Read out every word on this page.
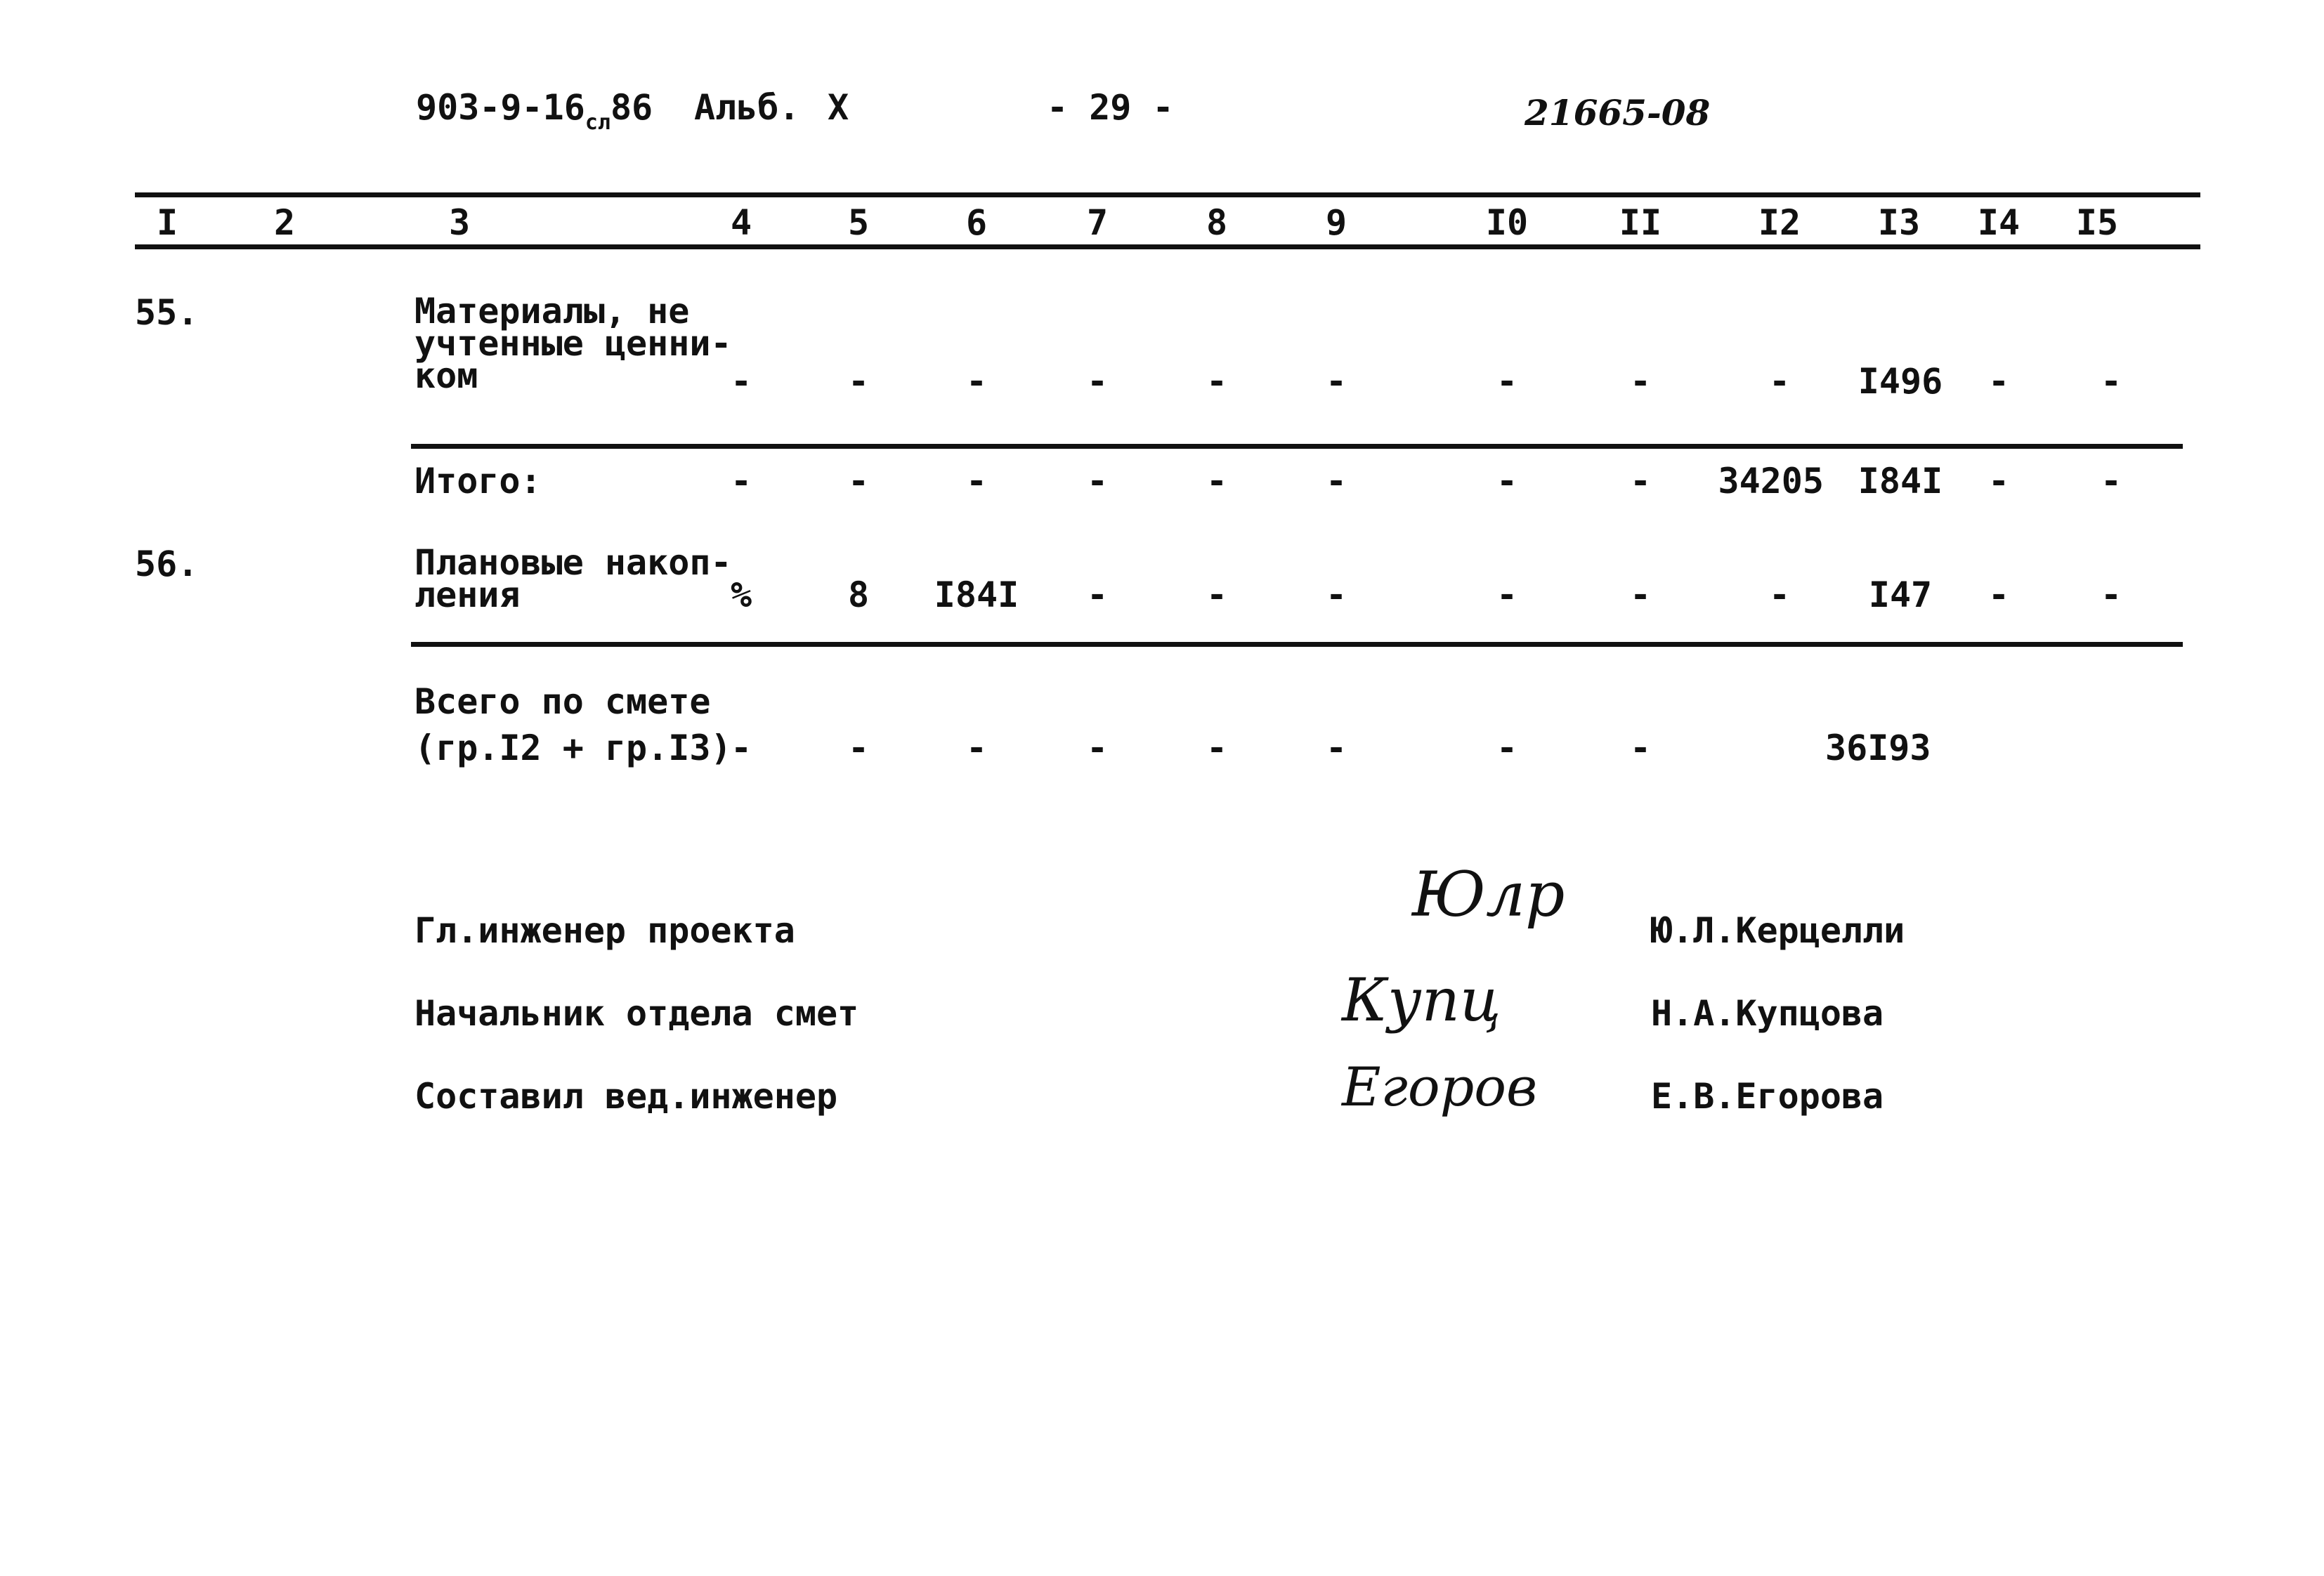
$903-9-16_{сл}86$ Альб. X	- 29 -	21665-08
I	2	3	4	5	6	7	8	9	I0	II	I2 I3 I4 I5
55.	Материалы, не
учтенные ценни-
ком	-	-	-	-	-	-	-	-	-	I496	-	-
Итого:	-	-	-	-	-	-	-	-	34205 I84I	-	-
56.	Плановые накоп-
ления	%	8	I84I	-	-	-	-	-	-	I47	-	-
Всего по смете
(гр.I2 + гр.I3)
-	-	-	-	-	-	-	-	36I93
Гл.инженер проекта	Юлр Ю.Л.Керцелли
Начальник отдела смет	Купц	Н.А.Купцова
Составил вед.инженер	Егоров	Е.В.Егорова
